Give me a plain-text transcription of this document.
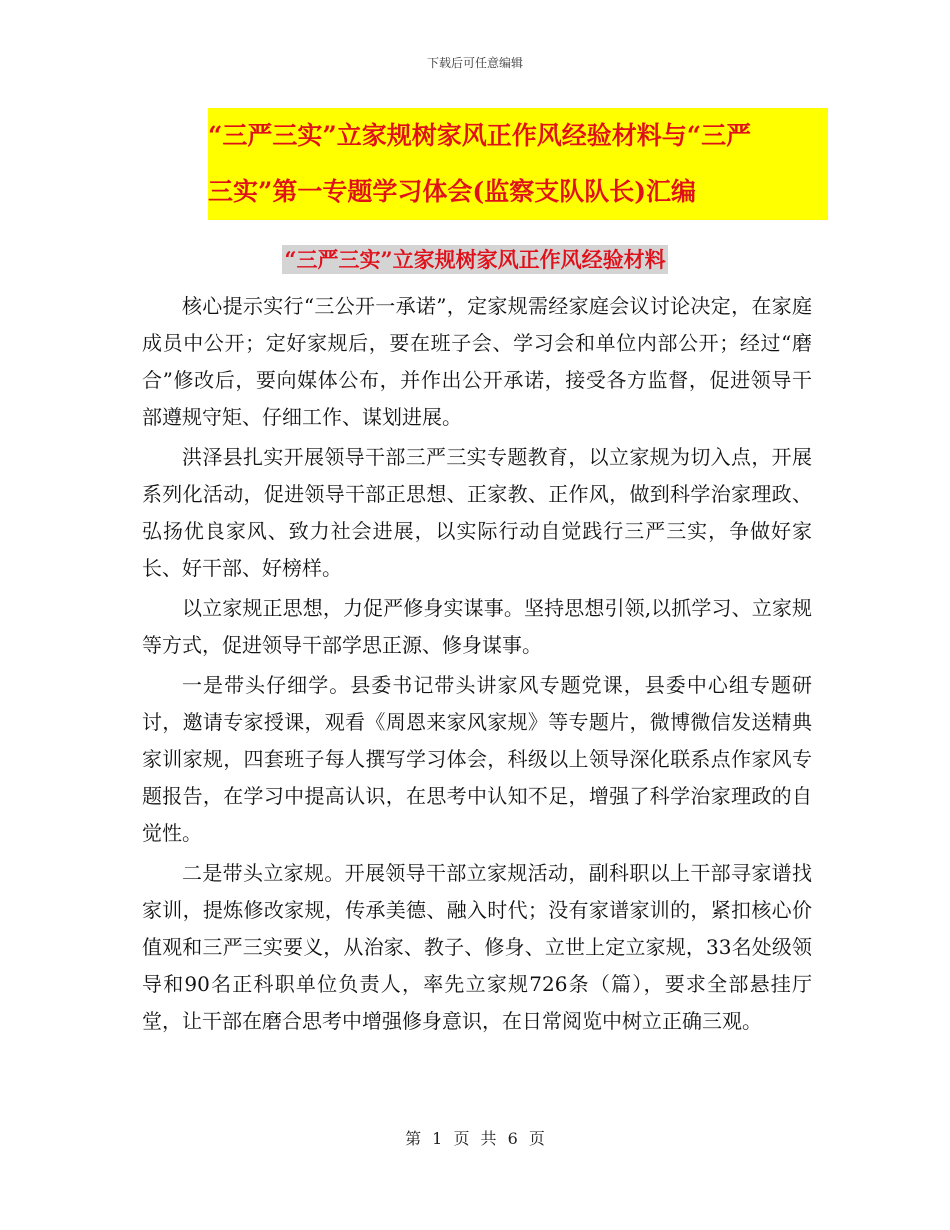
下载后可任意编辑
“三严三实”立家规树家风正作风经验材料与“三严
三实”第一专题学习体会(监察支队队长)汇编
“三严三实”立家规树家风正作风经验材料

核心提示实行“三公开一承诺”，定家规需经家庭会议讨论决定，在家庭成员中公开；定好家规后，要在班子会、学习会和单位内部公开；经过“磨合”修改后，要向媒体公布，并作出公开承诺，接受各方监督，促进领导干部遵规守矩、仔细工作、谋划进展。

洪泽县扎实开展领导干部三严三实专题教育，以立家规为切入点，开展系列化活动，促进领导干部正思想、正家教、正作风，做到科学治家理政、弘扬优良家风、致力社会进展，以实际行动自觉践行三严三实，争做好家长、好干部、好榜样。

以立家规正思想，力促严修身实谋事。坚持思想引领,以抓学习、立家规等方式，促进领导干部学思正源、修身谋事。

一是带头仔细学。县委书记带头讲家风专题党课，县委中心组专题研讨，邀请专家授课，观看《周恩来家风家规》等专题片，微博微信发送精典家训家规，四套班子每人撰写学习体会，科级以上领导深化联系点作家风专题报告，在学习中提高认识，在思考中认知不足，增强了科学治家理政的自觉性。

二是带头立家规。开展领导干部立家规活动，副科职以上干部寻家谱找家训，提炼修改家规，传承美德、融入时代；没有家谱家训的，紧扣核心价值观和三严三实要义，从治家、教子、修身、立世上定立家规，33名处级领导和90名正科职单位负责人，率先立家规726条（篇），要求全部悬挂厅堂，让干部在磨合思考中增强修身意识，在日常阅览中树立正确三观。

第 1 页 共 6 页
